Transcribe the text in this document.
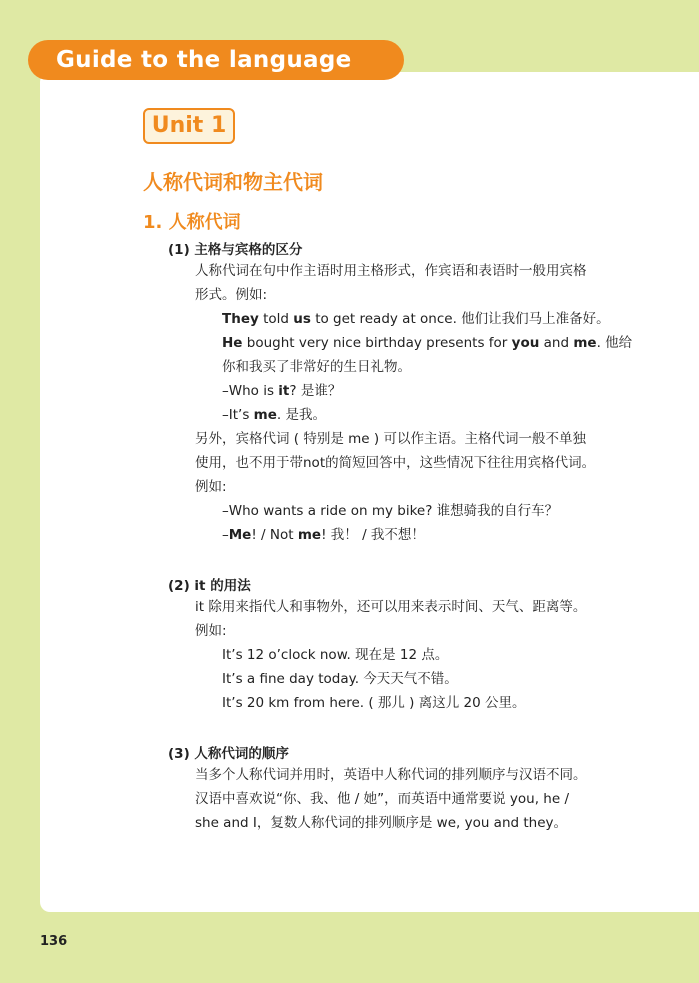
Guide to the language use
Unit 1
人称代词和物主代词
1. 人称代词
(1) 主格与宾格的区分
人称代词在句中作主语时用主格形式，作宾语和表语时一般用宾格
形式。例如:
They told us to get ready at once. 他们让我们马上准备好。
He bought very nice birthday presents for you and me. 他给
你和我买了非常好的生日礼物。
–Who is it? 是谁？
–It’s me. 是我。
另外，宾格代词 ( 特别是 me ) 可以作主语。主格代词一般不单独
使用，也不用于带not的简短回答中，这些情况下往往用宾格代词。
例如:
–Who wants a ride on my bike? 谁想骑我的自行车？
–Me! / Not me! 我！ / 我不想！
(2) it 的用法
it 除用来指代人和事物外，还可以用来表示时间、天气、距离等。
例如:
It’s 12 o’clock now. 现在是 12 点。
It’s a fine day today. 今天天气不错。
It’s 20 km from here. ( 那儿 ) 离这儿 20 公里。
(3) 人称代词的顺序
当多个人称代词并用时，英语中人称代词的排列顺序与汉语不同。
汉语中喜欢说“你、我、他 / 她”，而英语中通常要说 you, he /
she and I，复数人称代词的排列顺序是 we, you and they。
136
